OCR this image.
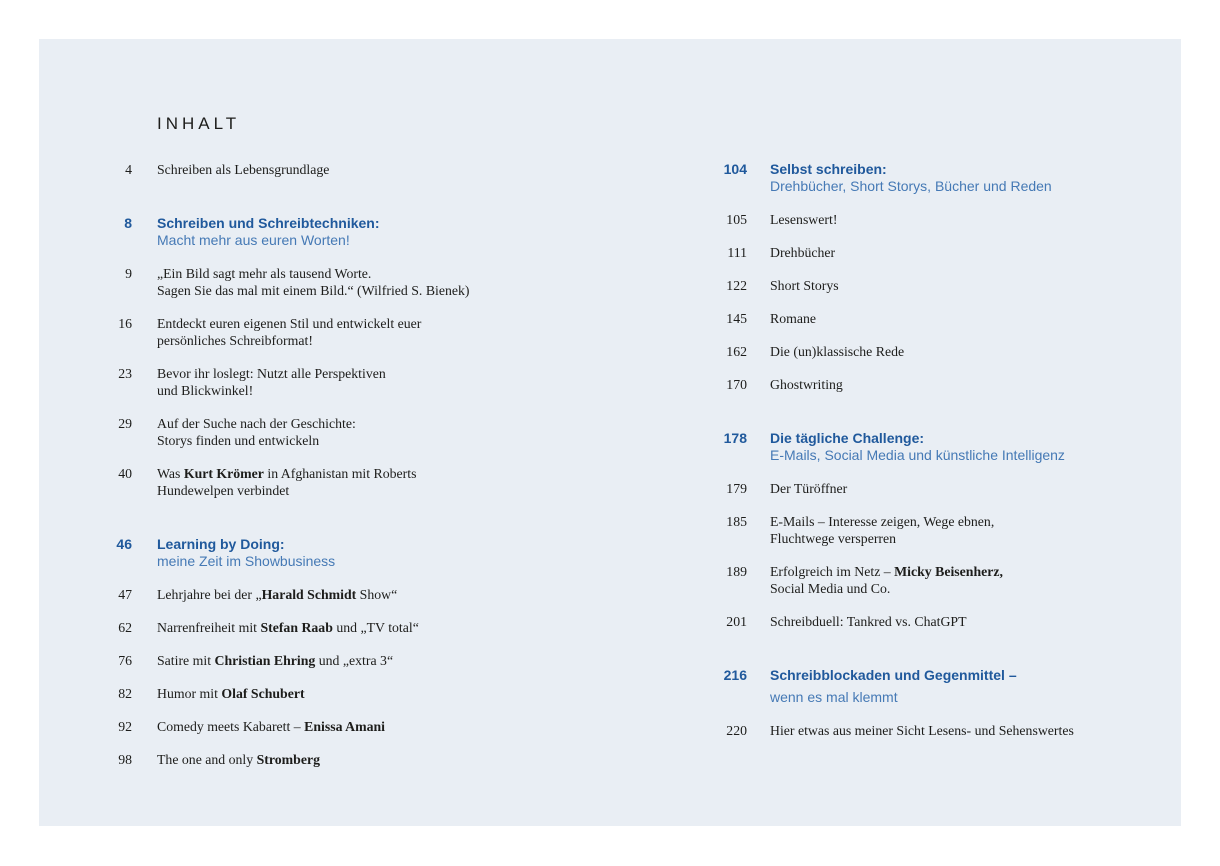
INHALT
4 Schreiben als Lebensgrundlage
8 Schreiben und Schreibtechniken:
Macht mehr aus euren Worten!
9 „Ein Bild sagt mehr als tausend Worte.
Sagen Sie das mal mit einem Bild.“ (Wilfried S. Bienek)
16 Entdeckt euren eigenen Stil und entwickelt euer
persönliches Schreibformat!
23 Bevor ihr loslegt: Nutzt alle Perspektiven
und Blickwinkel!
29 Auf der Suche nach der Geschichte:
Storys finden und entwickeln
40 Was Kurt Krömer in Afghanistan mit Roberts
Hundewelpen verbindet
46 Learning by Doing:
meine Zeit im Showbusiness
47 Lehrjahre bei der „Harald Schmidt Show“
62 Narrenfreiheit mit Stefan Raab und „TV total“
76 Satire mit Christian Ehring und „extra 3“
82 Humor mit Olaf Schubert
92 Comedy meets Kabarett – Enissa Amani
98 The one and only Stromberg
104 Selbst schreiben:
Drehbücher, Short Storys, Bücher und Reden
105 Lesenswert!
111 Drehbücher
122 Short Storys
145 Romane
162 Die (un)klassische Rede
170 Ghostwriting
178 Die tägliche Challenge:
E-Mails, Social Media und künstliche Intelligenz
179 Der Türöffner
185 E-Mails – Interesse zeigen, Wege ebnen,
Fluchtwege versperren
189 Erfolgreich im Netz – Micky Beisenherz,
Social Media und Co.
201 Schreibduell: Tankred vs. ChatGPT
216 Schreibblockaden und Gegenmittel –
wenn es mal klemmt
220 Hier etwas aus meiner Sicht Lesens- und Sehenswertes
